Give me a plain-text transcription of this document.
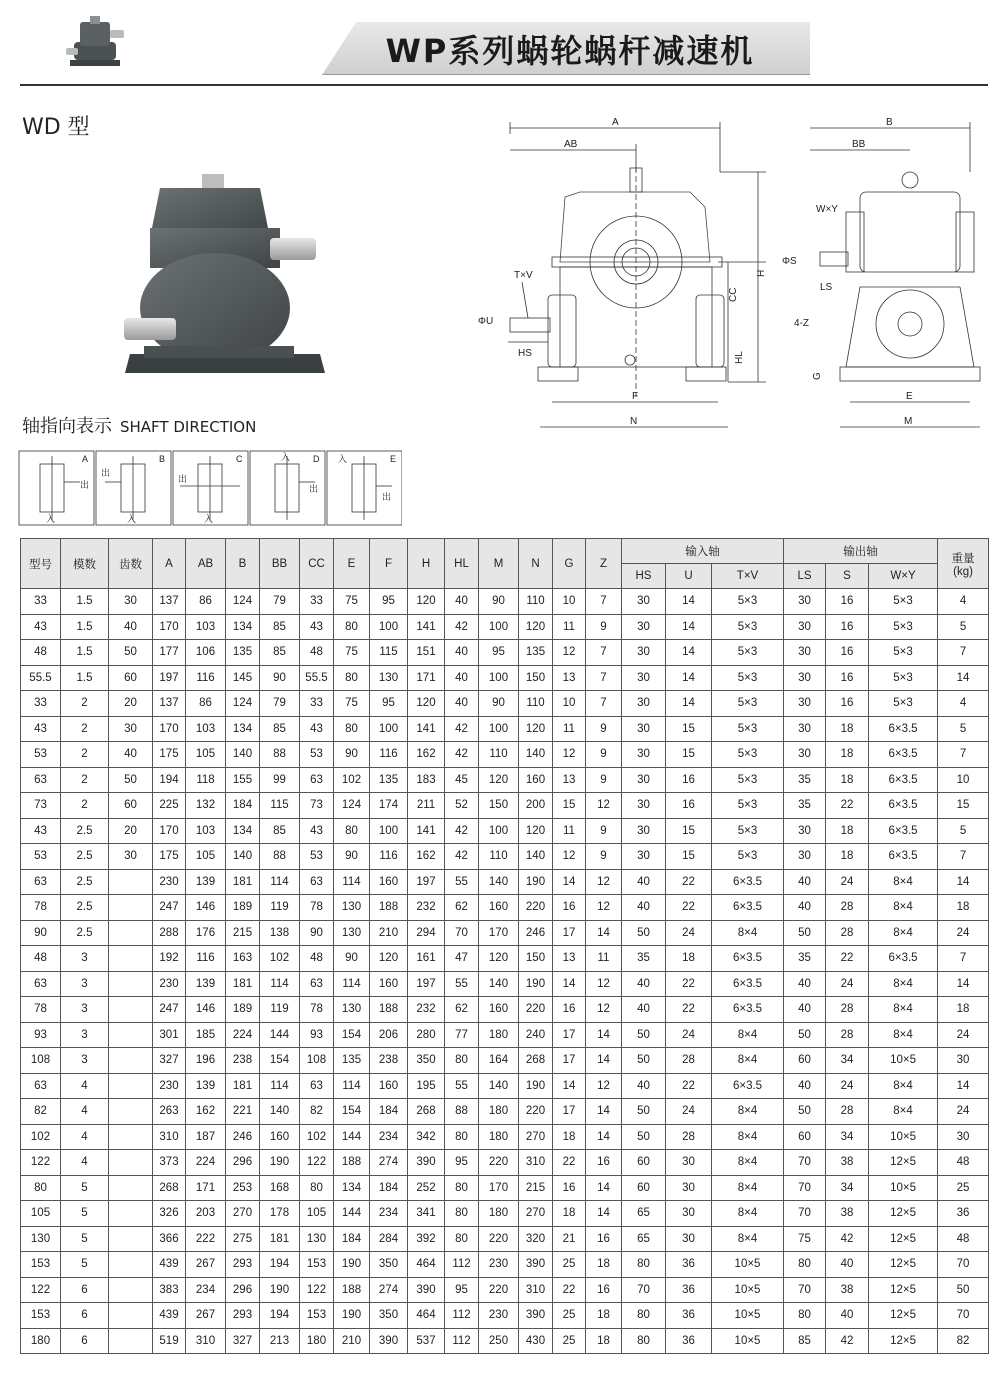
WP系列蜗轮蜗杆减速机
WD 型	A
AB
T×V
ΦU
HS
F
N
CC
H
HL
B
BB
W×Y
ΦS
LS
4-Z
G
E
M
轴指向表示 SHAFT DIRECTION
A
出
入
B
出
入
C
出
入
D
出
入	E
出
入
型号	模数	齿数	A	AB	B	BB	CC	E	F	H	HL	M	N	G	Z	输入轴			输出轴			重量
(kg)
																HS	U	T×V	LS	S	W×Y	
33	1.5	30	137	86	124	79	33	75	95	120	40	90	110	10	7	30	14	5×3	30	16	5×3	4
43	1.5	40	170	103	134	85	43	80	100	141	42	100	120	11	9	30	14	5×3	30	16	5×3	5
48	1.5	50	177	106	135	85	48	75	115	151	40	95	135	12	7	30	14	5×3	30	16	5×3	7
55.5	1.5	60	197	116	145	90	55.5	80	130	171	40	100	150	13	7	30	14	5×3	30	16	5×3	14
33	2	20	137	86	124	79	33	75	95	120	40	90	110	10	7	30	14	5×3	30	16	5×3	4
43	2	30	170	103	134	85	43	80	100	141	42	100	120	11	9	30	15	5×3	30	18	6×3.5	5
53	2	40	175	105	140	88	53	90	116	162	42	110	140	12	9	30	15	5×3	30	18	6×3.5	7
63	2	50	194	118	155	99	63	102	135	183	45	120	160	13	9	30	16	5×3	35	18	6×3.5	10
73	2	60	225	132	184	115	73	124	174	211	52	150	200	15	12	30	16	5×3	35	22	6×3.5	15
43	2.5	20	170	103	134	85	43	80	100	141	42	100	120	11	9	30	15	5×3	30	18	6×3.5	5
53	2.5	30	175	105	140	88	53	90	116	162	42	110	140	12	9	30	15	5×3	30	18	6×3.5	7
63	2.5		230	139	181	114	63	114	160	197	55	140	190	14	12	40	22	6×3.5	40	24	8×4	14
78	2.5		247	146	189	119	78	130	188	232	62	160	220	16	12	40	22	6×3.5	40	28	8×4	18
90	2.5		288	176	215	138	90	130	210	294	70	170	246	17	14	50	24	8×4	50	28	8×4	24
48	3		192	116	163	102	48	90	120	161	47	120	150	13	11	35	18	6×3.5	35	22	6×3.5	7
63	3		230	139	181	114	63	114	160	197	55	140	190	14	12	40	22	6×3.5	40	24	8×4	14
78	3		247	146	189	119	78	130	188	232	62	160	220	16	12	40	22	6×3.5	40	28	8×4	18
93	3		301	185	224	144	93	154	206	280	77	180	240	17	14	50	24	8×4	50	28	8×4	24
108	3		327	196	238	154	108	135	238	350	80	164	268	17	14	50	28	8×4	60	34	10×5	30
63	4		230	139	181	114	63	114	160	195	55	140	190	14	12	40	22	6×3.5	40	24	8×4	14
82	4		263	162	221	140	82	154	184	268	88	180	220	17	14	50	24	8×4	50	28	8×4	24
102	4		310	187	246	160	102	144	234	342	80	180	270	18	14	50	28	8×4	60	34	10×5	30
122	4		373	224	296	190	122	188	274	390	95	220	310	22	16	60	30	8×4	70	38	12×5	48
80	5		268	171	253	168	80	134	184	252	80	170	215	16	14	60	30	8×4	70	34	10×5	25
105	5		326	203	270	178	105	144	234	341	80	180	270	18	14	65	30	8×4	70	38	12×5	36
130	5		366	222	275	181	130	184	284	392	80	220	320	21	16	65	30	8×4	75	42	12×5	48
153	5		439	267	293	194	153	190	350	464	112	230	390	25	18	80	36	10×5	80	40	12×5	70
122	6		383	234	296	190	122	188	274	390	95	220	310	22	16	70	36	10×5	70	38	12×5	50
153	6		439	267	293	194	153	190	350	464	112	230	390	25	18	80	36	10×5	80	40	12×5	70
180	6		519	310	327	213	180	210	390	537	112	250	430	25	18	80	36	10×5	85	42	12×5	82
